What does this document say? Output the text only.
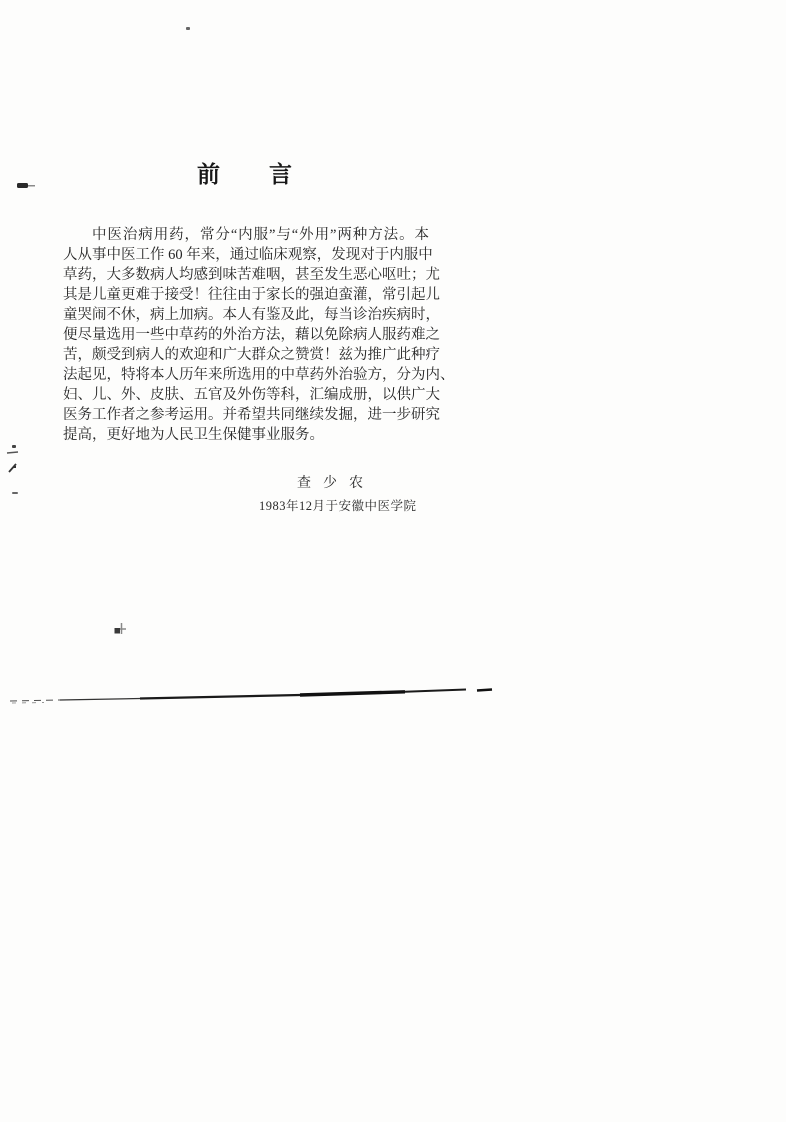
前　　言
中医治病用药，常分“内服”与“外用”两种方法。本
人从事中医工作 60 年来，通过临床观察，发现对于内服中
草药，大多数病人均感到味苦难咽，甚至发生恶心呕吐；尤
其是儿童更难于接受！往往由于家长的强迫蛮灌，常引起儿
童哭闹不休，病上加病。本人有鉴及此，每当诊治疾病时，
便尽量选用一些中草药的外治方法，藉以免除病人服药难之
苦，颇受到病人的欢迎和广大群众之赞赏！兹为推广此种疗
法起见，特将本人历年来所选用的中草药外治验方，分为内、
妇、儿、外、皮肤、五官及外伤等科，汇编成册，以供广大
医务工作者之参考运用。并希望共同继续发掘，进一步研究
提高，更好地为人民卫生保健事业服务。
查少农
1983年12月于安徽中医学院
